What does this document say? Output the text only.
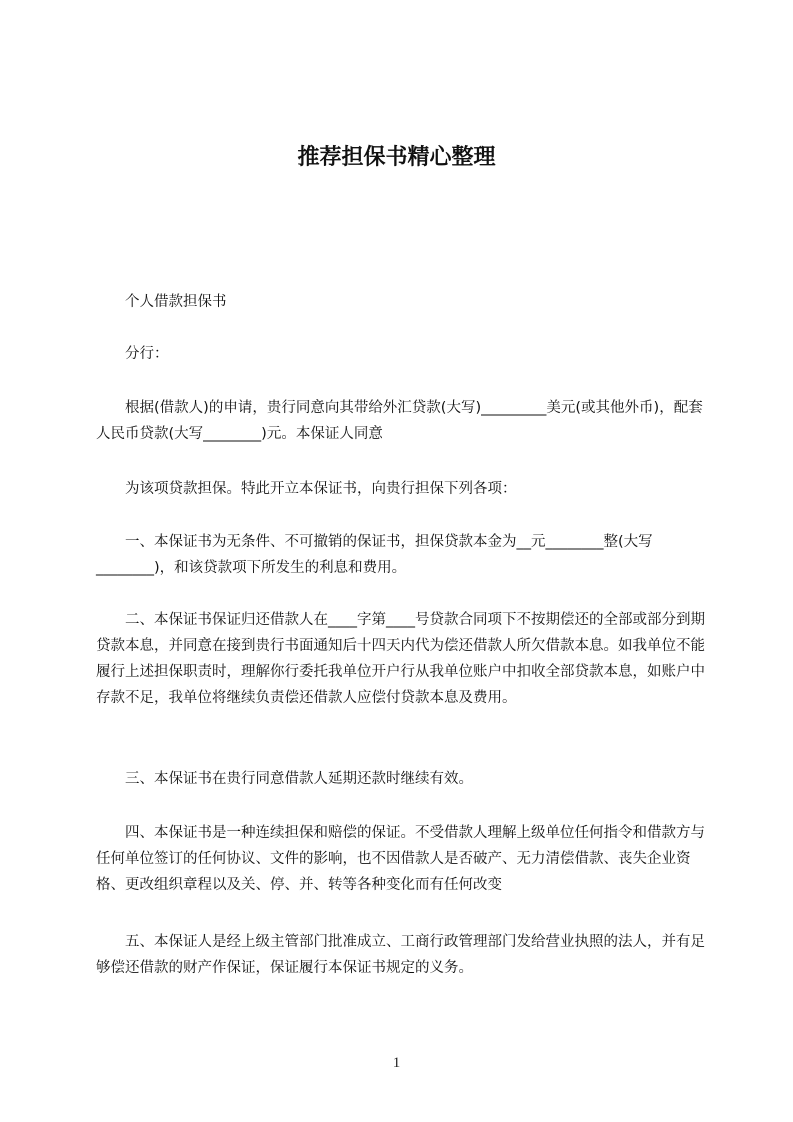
推荐担保书精心整理

个人借款担保书

分行：

根据(借款人)的申请，贵行同意向其带给外汇贷款(大写)_________美元(或其他外币)，配套人民币贷款(大写________)元。本保证人同意

为该项贷款担保。特此开立本保证书，向贵行担保下列各项：

一、本保证书为无条件、不可撤销的保证书，担保贷款本金为__元________整(大写________)，和该贷款项下所发生的利息和费用。

二、本保证书保证归还借款人在____字第____号贷款合同项下不按期偿还的全部或部分到期贷款本息，并同意在接到贵行书面通知后十四天内代为偿还借款人所欠借款本息。如我单位不能履行上述担保职责时，理解你行委托我单位开户行从我单位账户中扣收全部贷款本息，如账户中存款不足，我单位将继续负责偿还借款人应偿付贷款本息及费用。

三、本保证书在贵行同意借款人延期还款时继续有效。

四、本保证书是一种连续担保和赔偿的保证。不受借款人理解上级单位任何指令和借款方与任何单位签订的任何协议、文件的影响，也不因借款人是否破产、无力清偿借款、丧失企业资格、更改组织章程以及关、停、并、转等各种变化而有任何改变

五、本保证人是经上级主管部门批准成立、工商行政管理部门发给营业执照的法人，并有足够偿还借款的财产作保证，保证履行本保证书规定的义务。

1
